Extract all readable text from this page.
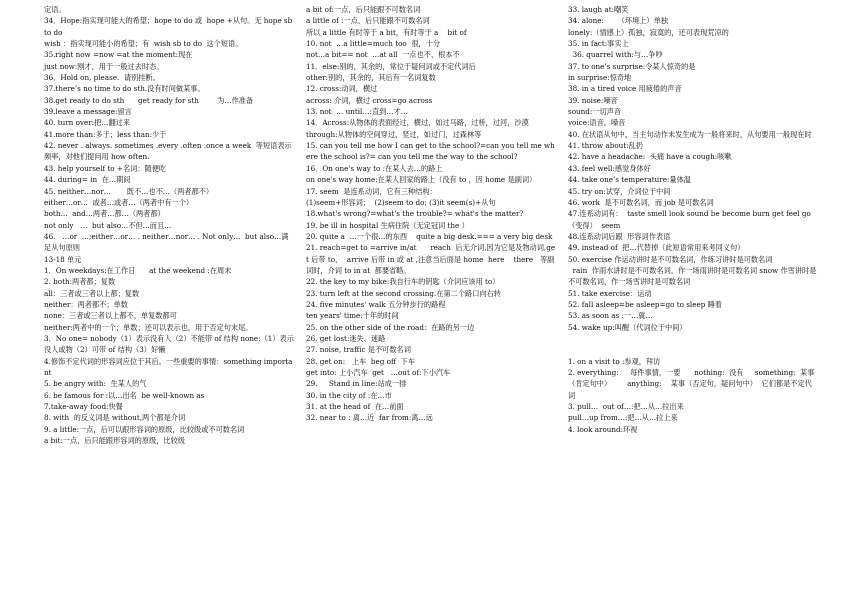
定语。
34．Hope:指实现可能大的希望；hope to do 或  hope +从句。无 hope sb to do
wish ：指实现可能小的希望；有  wish sb to do  这个短语。
35.right now =now =at the moment:现在
just now:刚才，用于一般过去时态。
36．Hold on, please.  请别挂断。
37.there’s no time to do sth.没有时间做某事。
38.get ready to do sth      get ready for sth        为…作准备
39.leave a message:留言
40. turn over:把…翻过来
41.more than:多于；less than:少于
42. never . always. sometimes .every .often .once a week  等短语表示频率，对他们提问用 how often.
43. help yourself to +名词：随便吃
44. during= in  在…期间
45. neither…nor…       既不…也不…（两者都不）
either…or…  或者…或者…（两者中有一个）
both…  and…两者…都…（两者都）
not only   …  but also…不但…而且…
46.   …or  …;either…or… . neither…nor… . Not only…  but also…满足从句原则
13-18 单元
1．On weekdays:在工作日      at the weekend :在周末
2. both:两者都；复数
all：三者或三者以上都；复数
neither：两者都不；单数
none：三者或三者以上都不，单复数都可
neither:两者中的一个；单数；还可以表示也，用于否定句末尾。
3．No one= nobody（1）表示没有人（2）不能带 of 结构 none:（1）表示没人或物（2）可带 of 结构（3）好懒
4.修饰不定代词的形容词应位于其后。一些重要的事情：something important
5. be angry with:  生某人的气
6. be famous for :以…出名  be well-known as
7.take-away food:快餐
8. with  的反义词是 without,两个都是介词
9. a little:一点，后可以跟形容词的原级，比较级或不可数名词
a bit:一点，后只能跟形容词的原级，比较级
a bit of:一点，后只能跟不可数名词
a little of :一点，后只能跟不可数名词
所以 a little 有时等于 a bit，有时等于 a    bit of
10. not  …a little=much too  很，十分
not…a bit== not  …at all  一点也不，根本不
11．else:别的，其余的，常位于疑问词或不定代词后
other:别的，其余的，其后有一名词复数
12. cross:动词，横过
across: 介词，横过 cross=go across
13. not  … until…:直到…才…
14．Across:从物体的表面经过，横过，如过马路，过桥，过河，沙漠
through:从物体的空间穿过，竖过，如过门，过森林等
15. can you tell me how I can get to the school?=can you tell me where the school is?= can you tell me the way to the school?
16．On one's way to :在某人去…的路上
on one's way home:在某人回家的路上（没有 to ，因 home 是副词）
17. seem  是连系动词，它有三种结构：
(1)seem+形容词；  (2)seem to do; (3)it seem(s)+从句
18.what's wrong?=what's the trouble?= what's the matter?
19. be ill in hospital 生病住院（无定冠词 the ）
20. quite a  …一个很…的东西    quite a big desk.=== a very big desk
21. reach=get to =arrive in/at      reach  后无介词,因为它是及物动词,get 后带 to，  arrive 后带 in 或 at ,注意当后面是 home  here    there   等副词时，介词 to in at  都要省略。
22. the key to my bike:我自行车的钥匙（介词应该用 to）
23. turn left at the second crossing.在第二个路口向右转
24. five minutes' walk 五分钟步行的路程
ten years' time:十年的时间
25. on the other side of the road：在路的另一边
26. get lost:迷失、迷路
27. noise, traffic 是不可数名词
28. get on:   上车  beg off  下车
get into: 上小汽车  get   …out of:下小汽车
29.     Stand in line:站成一排
30. in the city of :在…市
31. at the head of  在…前面
32. near to : 离…近  far from:离…远
33. laugh at:嘲笑
34. alone:      （环境上）单独
lonely:（情感上）孤独，寂寞的，还可表现荒凉的
35. in fact:事实上
36. quarrel with:与…争吵
37. to one’s surprise:令某人惊奇的是
in surprise:惊奇地
38. in a tired voice 用疲倦的声音
39. noise:噪音
sound:一切声音
voice:语音，嗓音
40. 在状语从句中，当主句动作未发生成为一般将来时，从句要用一般现在时
41. throw about:乱扔
42. have a headache:  头痛 have a cough:咳嗽
43. feel well:感觉身体好
44. take one’s temperature:量体温
45. try on:试穿，介词位于中间
46. work  是不可数名词，而 job 是可数名词
47.连系动词有：  taste smell look sound be become burn get feel go（变得）  seem
48.连系动词后跟  形容词作表语
49. instead of  把…代替掉（此短语常用来考同义句）
50. exercise 作运动讲时是不可数名词，作练习讲时是可数名词
rain  作雨水讲时是不可数名词，作一场雨讲时是可数名词 snow 作雪讲时是不可数名词，作一场雪讲时是可数名词
51. take exercise：运动
52. fall asleep=be asleep=go to sleep 睡着
53. as soon as :一…就…
54. wake up:叫醒（代词位于中间）
1. on a visit to :参观，拜访
2. everything:     每件事情，一要      nothing:  没有     something:  某事（肯定句中）       anything:    某事（否定句，疑问句中）  它们都是不定代词
3. pull…  out of…:把…从…拉出来
pull…up from…:把…从…拉上来
4. look around:环视
